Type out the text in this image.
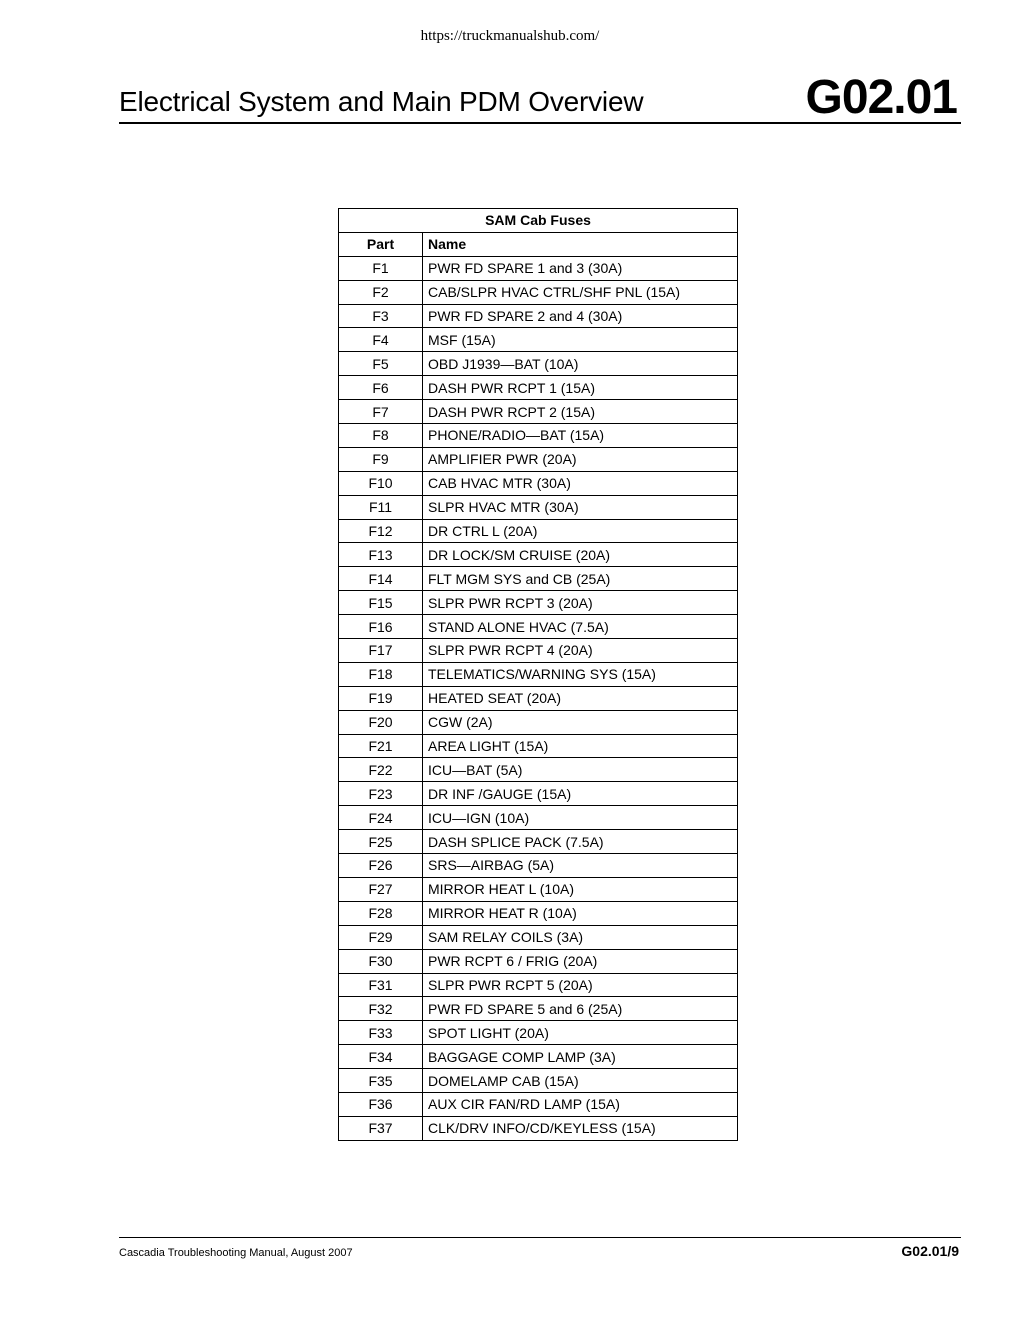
https://truckmanualshub.com/
Electrical System and Main PDM Overview	G02.01
SAM Cab Fuses	
Part	Name
F1	PWR FD SPARE 1 and 3 (30A)
F2	CAB/SLPR HVAC CTRL/SHF PNL (15A)
F3	PWR FD SPARE 2 and 4 (30A)
F4	MSF (15A)
F5	OBD J1939—BAT (10A)
F6	DASH PWR RCPT 1 (15A)
F7	DASH PWR RCPT 2 (15A)
F8	PHONE/RADIO—BAT (15A)
F9	AMPLIFIER PWR (20A)
F10	CAB HVAC MTR (30A)
F11	SLPR HVAC MTR (30A)
F12	DR CTRL L (20A)
F13	DR LOCK/SM CRUISE (20A)
F14	FLT MGM SYS and CB (25A)
F15	SLPR PWR RCPT 3 (20A)
F16	STAND ALONE HVAC (7.5A)
F17	SLPR PWR RCPT 4 (20A)
F18	TELEMATICS/WARNING SYS (15A)
F19	HEATED SEAT (20A)
F20	CGW (2A)
F21	AREA LIGHT (15A)
F22	ICU—BAT (5A)
F23	DR INF /GAUGE (15A)
F24	ICU—IGN (10A)
F25	DASH SPLICE PACK (7.5A)
F26	SRS—AIRBAG (5A)
F27	MIRROR HEAT L (10A)
F28	MIRROR HEAT R (10A)
F29	SAM RELAY COILS (3A)
F30	PWR RCPT 6 / FRIG (20A)
F31	SLPR PWR RCPT 5 (20A)
F32	PWR FD SPARE 5 and 6 (25A)
F33	SPOT LIGHT (20A)
F34	BAGGAGE COMP LAMP (3A)
F35	DOMELAMP CAB (15A)
F36	AUX CIR FAN/RD LAMP (15A)
F37	CLK/DRV INFO/CD/KEYLESS (15A)
Cascadia Troubleshooting Manual, August 2007	G02.01/9
